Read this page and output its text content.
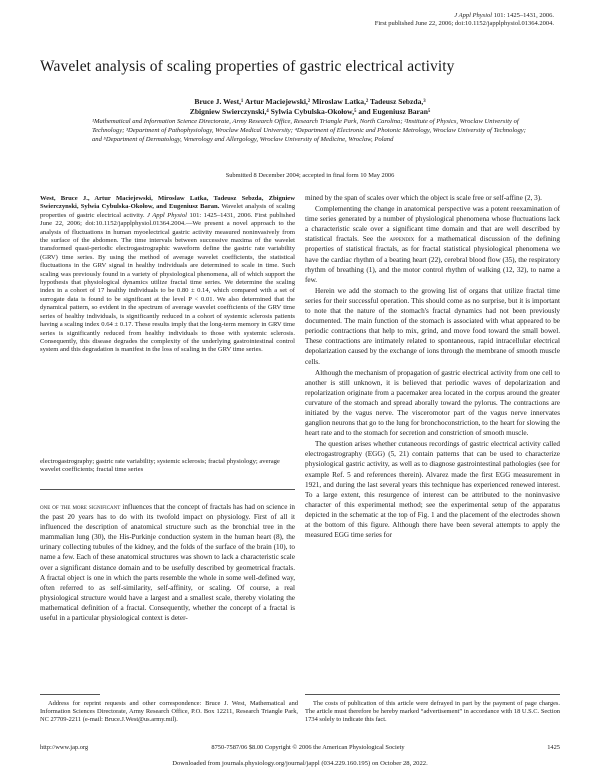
J Appl Physiol 101: 1425–1431, 2006.
First published June 22, 2006; doi:10.1152/japplphysiol.01364.2004.
Wavelet analysis of scaling properties of gastric electrical activity
Bruce J. West,¹ Artur Maciejewski,² Miroslaw Latka,² Tadeusz Sebzda,³
Zbigniew Swierczynski,⁴ Sylwia Cybulska-Okołow,⁵ and Eugeniusz Baran⁵
¹Mathematical and Information Science Directorate, Army Research Office, Research Triangle Park, North Carolina; ²Institute of Physics, Wroclaw University of Technology; ³Department of Pathophysiology, Wroclaw Medical University; ⁴Department of Electronic and Photonic Metrology, Wroclaw University of Technology; and ⁵Department of Dermatology, Venerology and Allergology, Wroclaw University of Medicine, Wroclaw, Poland
Submitted 8 December 2004; accepted in final form 10 May 2006
West, Bruce J., Artur Maciejewski, Miroslaw Latka, Tadeusz Sebzda, Zbigniew Swierczynski, Sylwia Cybulska-Okołow, and Eugeniusz Baran. Wavelet analysis of scaling properties of gastric electrical activity. J Appl Physiol 101: 1425–1431, 2006. First published June 22, 2006; doi:10.1152/japplphysiol.01364.2004.—We present a novel approach to the analysis of fluctuations in human myoelectrical gastric activity measured noninvasively from the surface of the abdomen. The time intervals between successive maxima of the wavelet transformed quasi-periodic electrogastrographic waveform define the gastric rate variability (GRV) time series. By using the method of average wavelet coefficients, the statistical fluctuations in the GRV signal in healthy individuals are determined to scale in time. Such scaling was previously found in a variety of physiological phenomena, all of which support the hypothesis that physiological dynamics utilize fractal time series. We determine the scaling index in a cohort of 17 healthy individuals to be 0.80 ± 0.14, which compared with a set of surrogate data is found to be significant at the level P < 0.01. We also determined that the dynamical pattern, so evident in the spectrum of average wavelet coefficients of the GRV time series of healthy individuals, is significantly reduced in a cohort of systemic sclerosis patients having a scaling index 0.64 ± 0.17. These results imply that the long-term memory in GRV time series is significantly reduced from healthy individuals to those with systemic sclerosis. Consequently, this disease degrades the complexity of the underlying gastrointestinal control system and this degradation is manifest in the loss of scaling in the GRV time series.
electrogastrography; gastric rate variability; systemic sclerosis; fractal physiology; average wavelet coefficients; fractal time series
one of the more significant influences that the concept of fractals has had on science in the past 20 years has to do with its twofold impact on physiology. First of all it influenced the description of anatomical structure such as the bronchial tree in the mammalian lung (30), the His-Purkinje conduction system in the human heart (8), the urinary collecting tubules of the kidney, and the folds of the surface of the brain (10), to name a few. Each of these anatomical structures was shown to lack a characteristic scale over a significant distance domain and to be usefully described by geometrical fractals. A fractal object is one in which the parts resemble the whole in some well-defined way, often referred to as self-similarity, self-affinity, or scaling. Of course, a real physiological structure would have a largest and a smallest scale, thereby violating the mathematical definition of a fractal. Consequently, whether the concept of a fractal is useful in a particular physiological context is deter-

mined by the span of scales over which the object is scale free or self-affine (2, 3).

Complementing the change in anatomical perspective was a potent reexamination of time series generated by a number of physiological phenomena whose fluctuations lack a characteristic scale over a significant time domain and that are well described by statistical fractals. See the appendix for a mathematical discussion of the defining properties of statistical fractals, as for fractal statistical physiological phenomena we have the cardiac rhythm of a beating heart (22), cerebral blood flow (35), the respiratory rhythm of breathing (1), and the motor control rhythm of walking (12, 32), to name a few.

Herein we add the stomach to the growing list of organs that utilize fractal time series for their successful operation. This should come as no surprise, but it is important to note that the nature of the stomach's fractal dynamics had not been previously documented. The main function of the stomach is associated with what appeared to be periodic contractions that help to mix, grind, and move food toward the small bowel. These contractions are intimately related to spontaneous, rapid intracellular electrical depolarization caused by the exchange of ions through the membrane of smooth muscle cells.

Although the mechanism of propagation of gastric electrical activity from one cell to another is still unknown, it is believed that periodic waves of depolarization and repolarization originate from a pacemaker area located in the corpus around the greater curvature of the stomach and spread aborally toward the pylorus. The contractions are initiated by the vagus nerve. The visceromotor part of the vagus nerve innervates ganglion neurons that go to the lung for bronchoconstriction, to the heart for slowing the heart rate and to the stomach for secretion and constriction of smooth muscle.

The question arises whether cutaneous recordings of gastric electrical activity called electrogastrography (EGG) (5, 21) contain patterns that can be used to characterize physiological gastric activity, as well as to diagnose gastrointestinal pathologies (see for example Ref. 5 and references therein). Alvarez made the first EGG measurement in 1921, and during the last several years this technique has experienced renewed interest. To a large extent, this resurgence of interest can be attributed to the noninvasive character of this experimental method; see the experimental setup of the apparatus depicted in the schematic at the top of Fig. 1 and the placement of the electrodes shown at the bottom of this figure. Although there have been several attempts to apply the measured EGG time series for

Address for reprint requests and other correspondence: Bruce J. West, Mathematical and Information Sciences Directorate, Army Research Office, P.O. Box 12211, Research Triangle Park, NC 27709-2211 (e-mail: Bruce.J.West@us.army.mil).
The costs of publication of this article were defrayed in part by the payment of page charges. The article must therefore be hereby marked “advertisement” in accordance with 18 U.S.C. Section 1734 solely to indicate this fact.
http://www.jap.org	8750-7587/06 $8.00 Copyright © 2006 the American Physiological Society	1425
Downloaded from journals.physiology.org/journal/jappl (034.229.160.195) on October 28, 2022.
